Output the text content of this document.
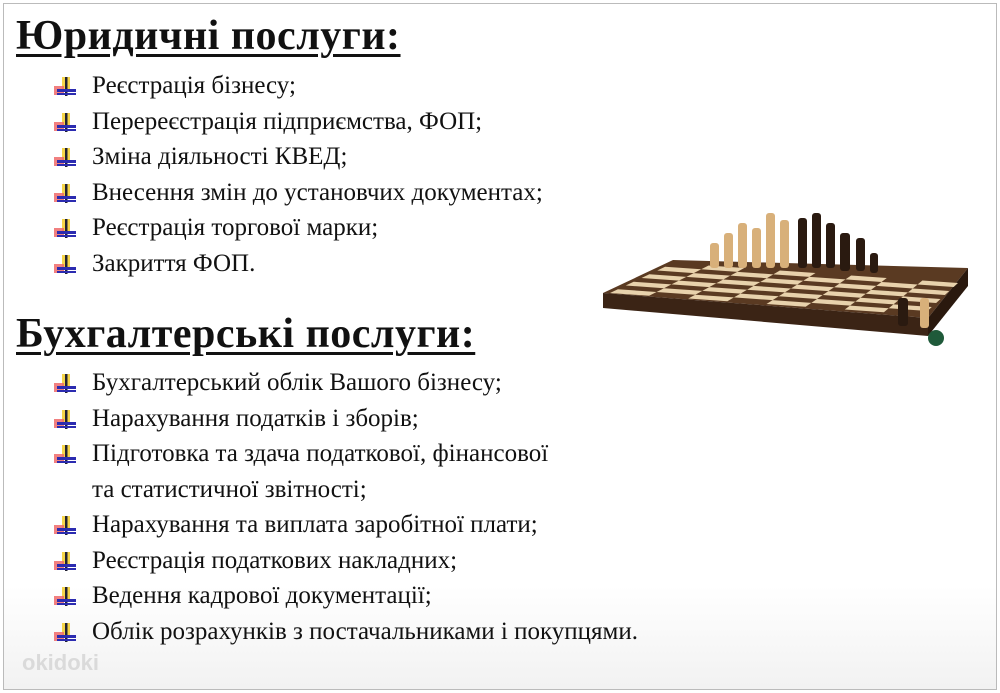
Юридичні послуги:
Реєстрація бізнесу;
Перереєстрація підприємства, ФОП;
Зміна діяльності КВЕД;
Внесення змін до установчих документах;
Реєстрація торгової марки;
Закриття ФОП.
Бухгалтерські послуги:
Бухгалтерський облік Вашого бізнесу;
Нарахування податків і зборів;
Підготовка та здача податкової, фінансової
та статистичної звітності;
Нарахування та виплата заробітної плати;
Реєстрація податкових накладних;
Ведення кадрової документації;
Облік розрахунків з постачальниками і покупцями.
okidoki
